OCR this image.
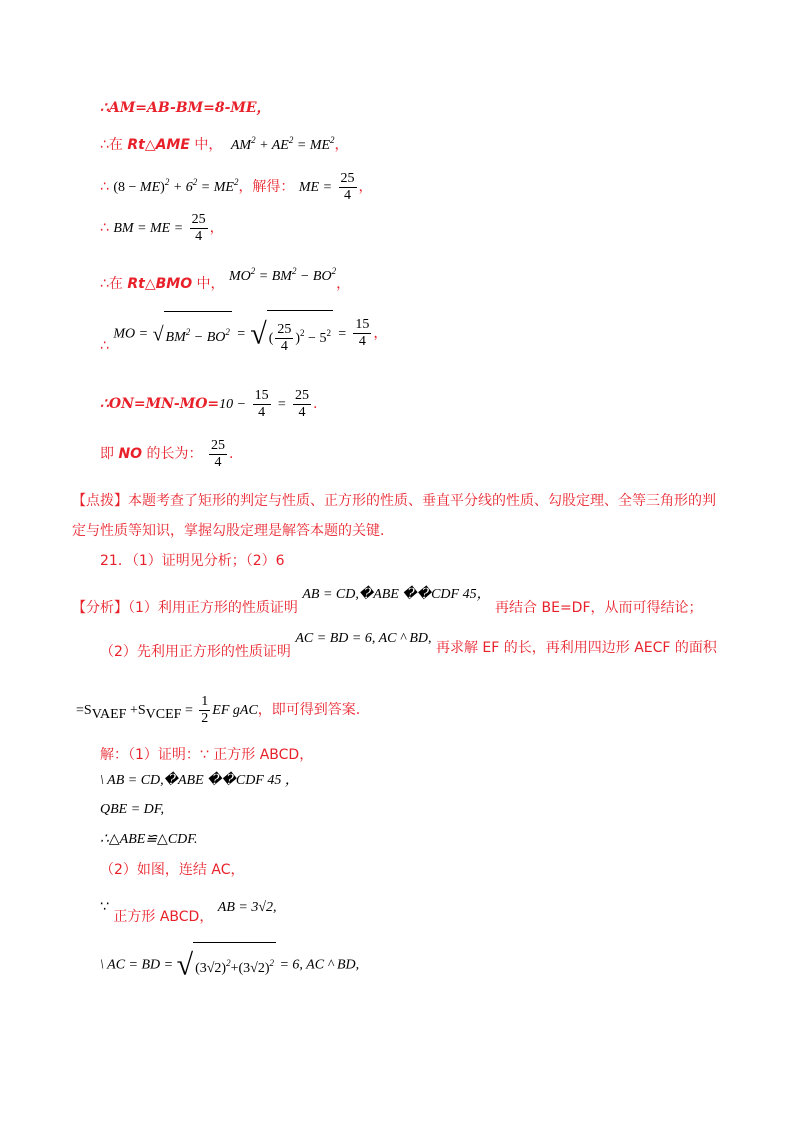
∴AM=AB-BM=8-ME，
∴在 Rt△AME 中， $AM^2 + AE^2 = ME^2$，
∴ $(8 - ME)^2 + 6^2 = ME^2$，解得： ME = $\frac{25}{4}$ ，
∴ BM = ME = $\frac{25}{4}$ ，
∴在 Rt△BMO 中， $MO^2 = BM^2 - BO^2$，
∴ MO = √ $BM^2 - BO^2$ = √ ( $\frac{25}{4} )^2 - 5^2 = \frac{15}{4}$ ，
∴ON=MN-MO=10 − $\frac{15}{4} = \frac{25}{4}$ .
即 NO 的长为： $\frac{25}{4}$ .
【点拨】本题考查了矩形的判定与性质、正方形的性质、垂直平分线的性质、勾股定理、全等三角形的判定与性质等知识，掌握勾股定理是解答本题的关键.
21．（1）证明见分析；（2）6
【分析】（1）利用正方形的性质证明 AB = CD,�ABE ��CDF 45， 再结合 BE=DF，从而可得结论；
（2）先利用正方形的性质证明 AC = BD = 6, AC ^ BD, 再求解 EF 的长，再利用四边形 AECF 的面积
$=S_{VAEF} +S_{VCEF} = \frac{1}{2}$ EF gAC，即可得到答案.
解：（1）证明：∵ 正方形 ABCD，
\ AB = CD,�ABE ��CDF 45 ，
QBE = DF,
∴△ABE≌△CDF.
（2）如图，连结 AC，
∵ 正方形 ABCD， AB = 3√2,
\ AC = BD = √ $(3√2)^2+(3√2)^2 = 6$, AC ^ BD,
